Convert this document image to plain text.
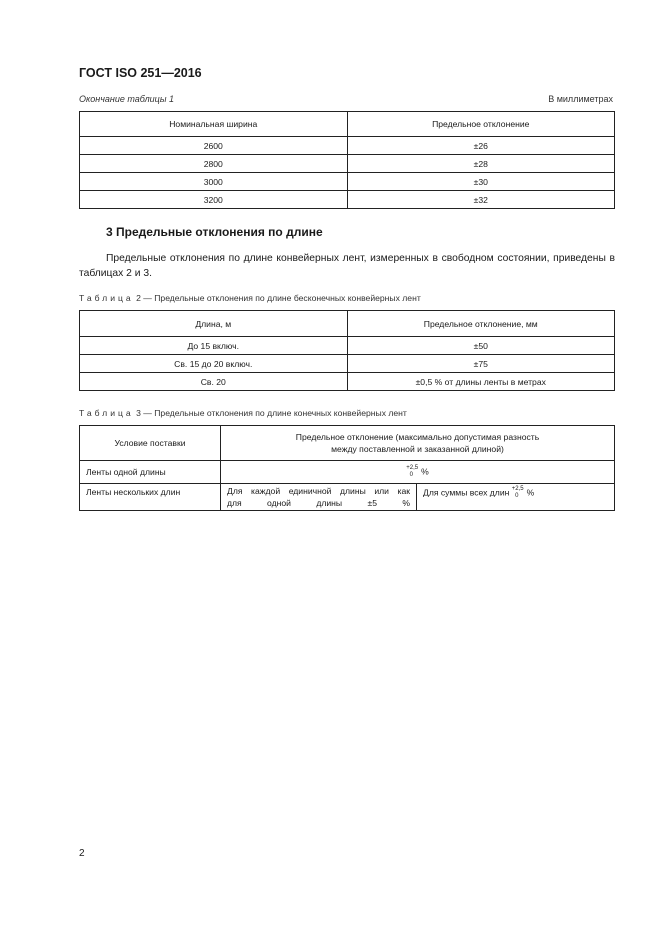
ГОСТ ISO 251—2016
Окончание таблицы 1	В миллиметрах
Номинальная ширина	Предельное отклонение
2600	±26
2800	±28
3000	±30
3200	±32
3 Предельные отклонения по длине
Предельные отклонения по длине конвейерных лент, измеренных в свободном состоянии, приведены в таблицах 2 и 3.
Таблица 2 — Предельные отклонения по длине бесконечных конвейерных лент
Длина, м	Предельное отклонение, мм
До 15 включ.	±50
Св. 15 до 20 включ.	±75
Св. 20	±0,5 % от длины ленты в метрах
Таблица 3 — Предельные отклонения по длине конечных конвейерных лент
Условие поставки	Предельное отклонение (максимально допустимая разность
между поставленной и заказанной длиной)	
Ленты одной длины	+2,5
0 %	
Ленты нескольких длин	Для каждой единичной длины или как
для одной длины ±5 %	Для суммы всех длин +2,5
0 %
2
